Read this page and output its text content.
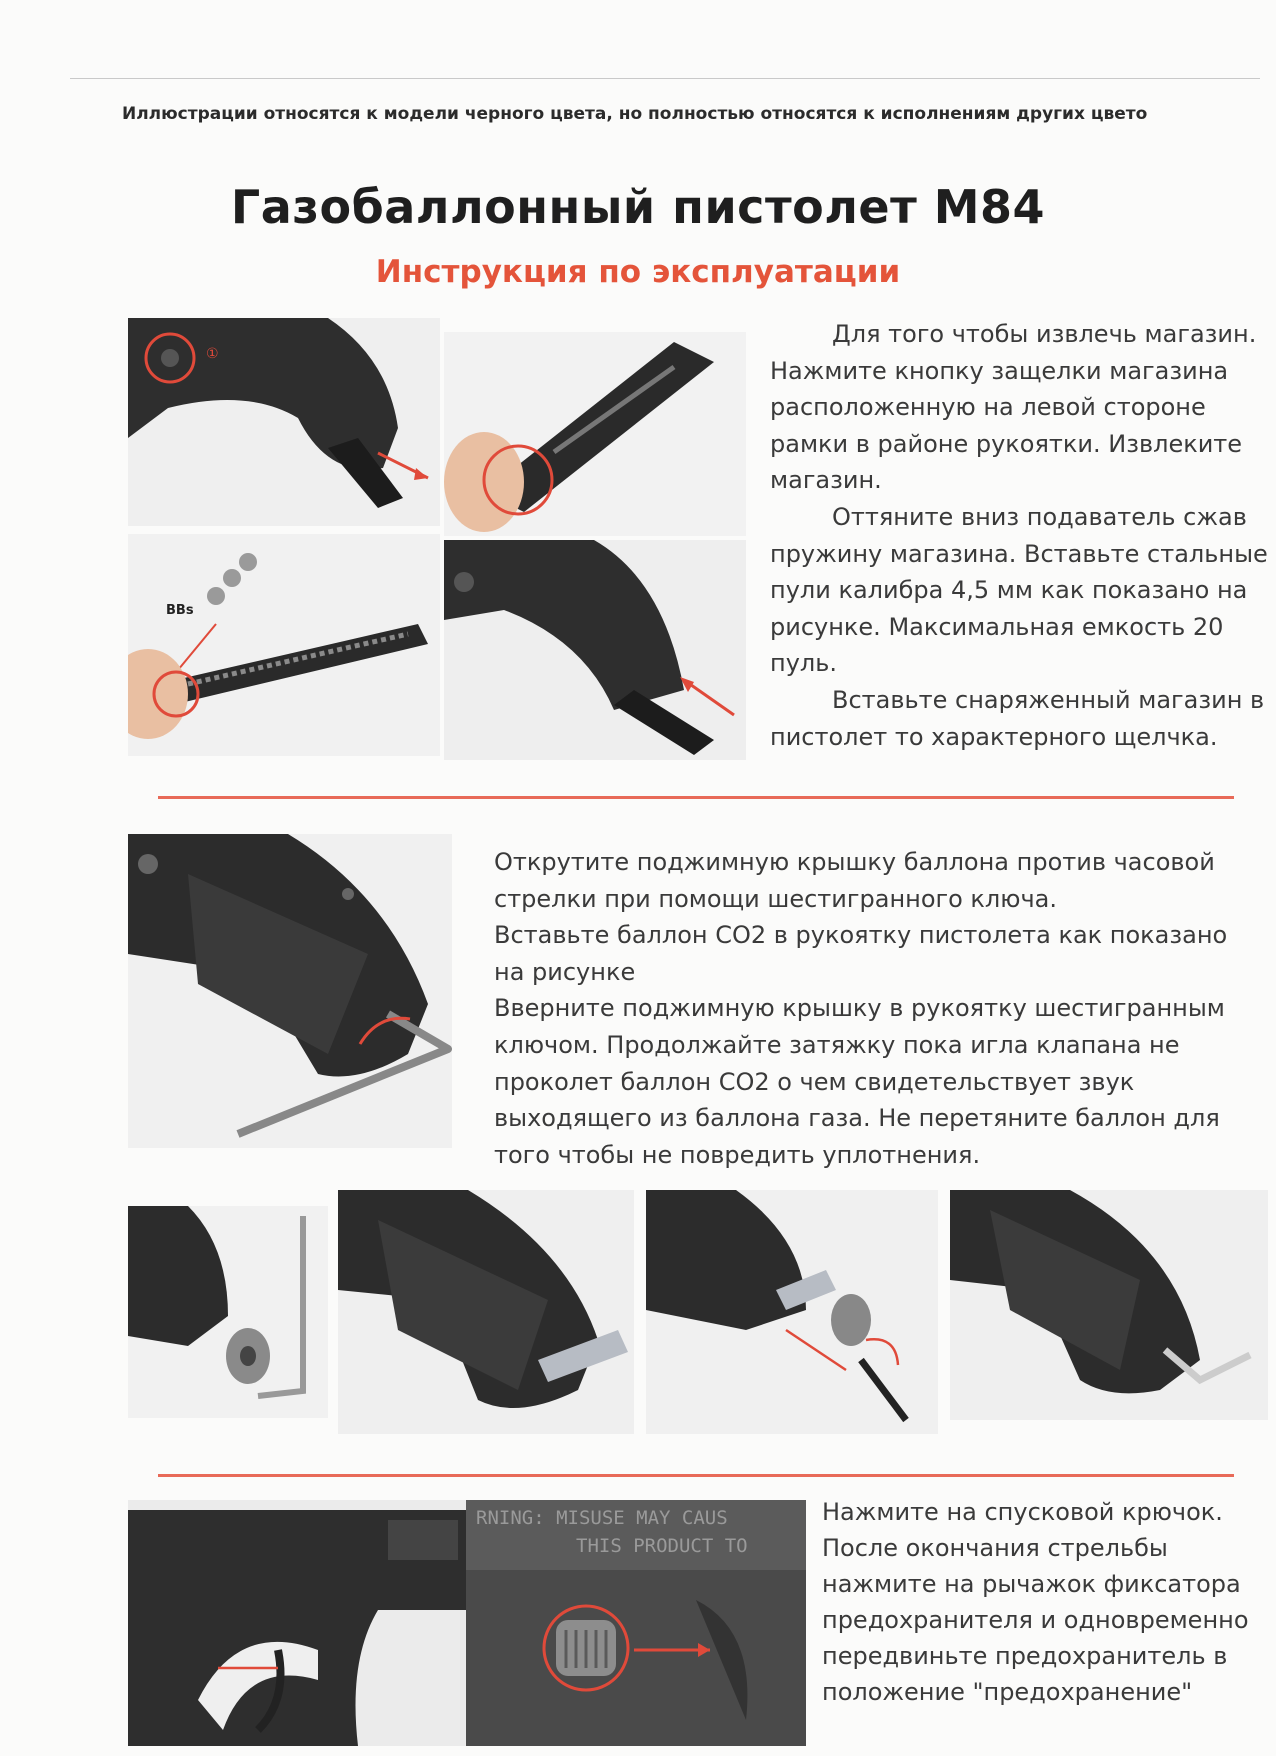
Иллюстрации относятся к модели черного цвета, но полностью относятся к исполнениям других цвето
Газобаллонный пистолет М84
Инструкция по эксплуатации
①
BBs

Для того чтобы извлечь магазин. Нажмите кнопку защелки магазина расположенную на левой стороне рамки в районе рукоятки. Извлеките магазин.

Оттяните вниз подаватель сжав пружину магазина. Вставьте стальные пули калибра 4,5 мм как показано на рисунке. Максимальная емкость 20 пуль.

Вставьте снаряженный магазин в пистолет то характерного щелчка.

Открутите поджимную крышку баллона против часовой стрелки при помощи шестигранного ключа.

Вставьте баллон СО2 в рукоятку пистолета как показано на рисунке

Вверните поджимную крышку в рукоятку шестигранным ключом. Продолжайте затяжку пока игла клапана не проколет баллон СО2 о чем свидетельствует звук выходящего из баллона газа. Не перетяните баллон для того чтобы не повредить уплотнения.

RNING: MISUSE MAY CAUS
THIS PRODUCT TO
Нажмите на спусковой крючок. После окончания стрельбы нажмите на рычажок фиксатора предохранителя и одновременно передвиньте предохранитель в положение "предохранение"
